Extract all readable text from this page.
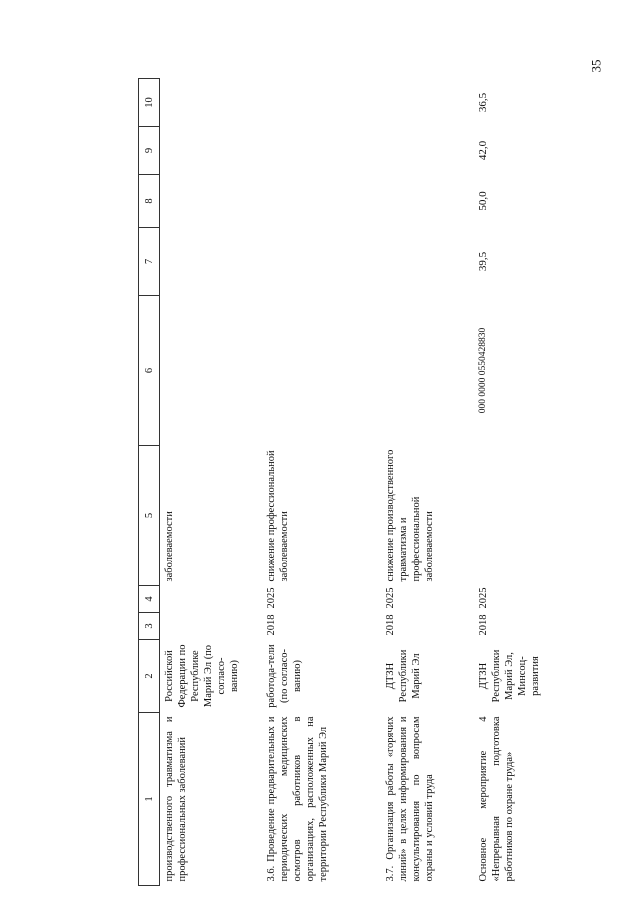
35
1	2	3	4	5	6	7	8	9	10
производственного травматизма и профессиональных заболеваний	Российской Федерации по Республике Марий Эл (по согласо-ванию)			заболеваемости					
3.6. Проведение предварительных и периодических медицинских осмотров работников в организациях, расположенных на территории Республики Марий Эл	работода-тели (по согласо-ванию)	2018	2025	снижение профессиональной заболеваемости					
3.7. Организация работы «горячих линий» в целях информирования и консультирования по вопросам охраны и условий труда	ДТЗН Республики Марий Эл	2018	2025	снижение производственного травматизма и профессиональной заболеваемости					
Основное мероприятие 4 «Непрерывная подготовка работников по охране труда»	ДТЗН Республики Марий Эл, Минсоц-развития	2018	2025		000 0000 0550428830	39,5	50,0	42,0	36,5
